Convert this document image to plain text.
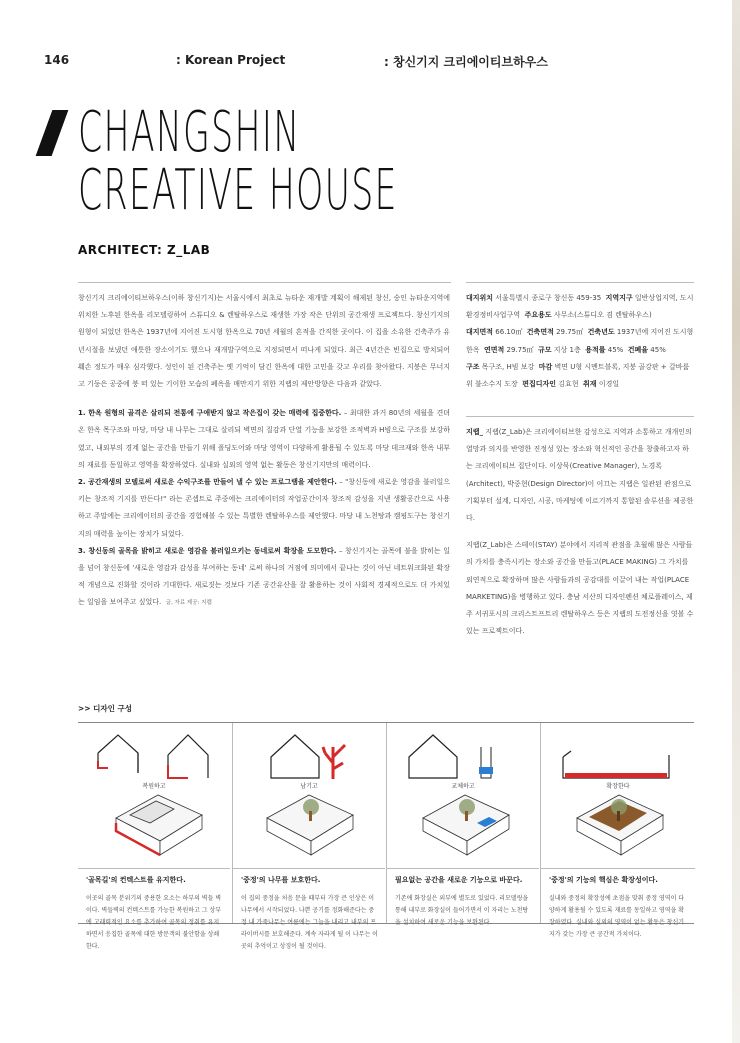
146	: Korean Project	: 창신기지 크리에이티브하우스
CHANGSHIN
CREATIVE HOUSE
ARCHITECT: Z_LAB

창신기지 크리에이티브하우스(이하 창신기지)는 서울시에서 최초로 뉴타운 재개발 계획이 해제된 창신, 숭인 뉴타운지역에 위치한 노후된 한옥을 리모델링하여 스튜디오 & 렌탈하우스로 재생한 가장 작은 단위의 공간재생 프로젝트다. 창신기지의 원형이 되었던 한옥은 1937년에 지어진 도시형 한옥으로 70년 세월의 흔적을 간직한 곳이다. 이 집을 소유한 건축주가 유년시절을 보냈던 애틋한 장소이기도 했으나 재개발구역으로 지정되면서 떠나게 되었다. 최근 4년간은 빈집으로 방치되어 훼손 정도가 매우 심각했다. 성인이 된 건축주는 옛 기억이 담긴 한옥에 대한 고민을 갖고 우리를 찾아왔다. 지붕은 무너지고 기둥은 공중에 붕 떠 있는 기이한 모습의 폐옥을 매만지기 위한 지랩의 제안방향은 다음과 같았다.

1. 한옥 원형의 골격은 살리되 전통에 구애받지 않고 작은집이 갖는 매력에 집중한다. – 최대한 과거 80년의 세월을 견뎌온 한옥 목구조와 마당, 마당 내 나무는 그대로 살리되 벽면의 질감과 단열 기능을 보강한 조적벽과 H빔으로 구조를 보강하였고, 내외부의 경계 없는 공간을 만들기 위해 폴딩도어와 마당 영역이 다양하게 활용될 수 있도록 마당 데크재와 한옥 내부의 재료를 동일하고 영역을 확장하였다. 실내와 실외의 영역 없는 활동은 창신기지만의 매력이다.
2. 공간재생의 모델로써 새로운 수익구조를 만들어 낼 수 있는 프로그램을 제안한다. – "창신동에 새로운 영감을 불러일으키는 창조적 기지를 만든다!" 라는 콘셉트로 주중에는 크리에이터의 작업공간이자 창조적 감성을 지낸 생활공간으로 사용하고 주말에는 크리에이터의 공간을 경험해볼 수 있는 특별한 렌탈하우스를 제안했다. 마당 내 노천탕과 캠핑도구는 창신기지의 매력을 높이는 장치가 되었다.
3. 창신동의 골목을 밝히고 새로운 영감을 불러일으키는 동네로써 확장을 도모한다. – 창신기지는 골목에 불을 밝히는 일을 넘어 창신동에 '새로운 영감과 감성을 부여하는 동네' 로써 하나의 거점에 의미에서 끝나는 것이 아닌 네트워크화된 확장적 개념으로 진화할 것이라 기대한다. 새로짓는 것보다 기존 공간유산을 잘 활용하는 것이 사회적 경제적으로도 더 가치있는 일임을 보여주고 싶었다. 글, 자료 제공: 지랩
대지위치 서울특별시 종로구 창신동 459-35 지역지구 일반상업지역, 도시환경정비사업구역 주요용도 사무소(스튜디오 겸 렌탈하우스)
대지면적 66.10㎡ 건축면적 29.75㎡ 건축년도 1937년에 지어진 도시형한옥 연면적 29.75㎡ 규모 지상 1층 용적률 45% 건폐율 45%
구조 목구조, H빔 보강 마감 벽면 U형 시멘트블록, 지붕 골강판 + 갈바륨 위 불소수지 도장 편집디자인 김효현 취재 이경일
지랩_ 지랩(Z_Lab)은 크리에이티브한 감성으로 지역과 소통하고 개개인의 열망과 의지를 반영한 진정성 있는 장소와 혁신적인 공간을 창출하고자 하는 크리에이티브 집단이다. 이상묵(Creative Manager), 노경록(Architect), 박중현(Design Director)이 이끄는 지랩은 일관된 관점으로 기획부터 설계, 디자인, 시공, 마케팅에 이르기까지 통합된 솔루션을 제공한다.
지랩(Z_Lab)은 스테이(STAY) 분야에서 지리적 관점을 초월해 많은 사람들의 가치를 충족시키는 장소와 공간을 만들고(PLACE MAKING) 그 가치를 외연적으로 확장하며 많은 사람들과의 공감대를 이끌어 내는 작업(PLACE MARKETING)을 병행하고 있다. 충남 서산의 디자인펜션 체로플레이스, 제주 서귀포시의 크리스트프트리 렌탈하우스 등은 지랩의 도전정신을 엿볼 수 있는 프로젝트이다.
>> 디자인 구성
복원하고
'골목길'의 컨텍스트를 유지한다.
이곳의 골목 분위기의 중용한 요소는 하부의 벽들 벽이다. 벽들벽의 컨텍스트를 가능한 복원하고 그 상부에 고래력적인 요소를 추가하여 골목의 정취를 유지하면서 응집한 골목에 대한 방문객의 불안함을 상쇄한다.
남기고
'중정'의 나무를 보호한다.
이 집의 중정을 처음 문을 때부터 가장 큰 인상은 이 나무에서 시작되었다. 나쁜 공기를 정화해준다는 중정 내 가죽나무는 여름에는 그늘을 내리고 내부의 프라이버시를 보호해준다. 계속 자라게 될 이 나무는 이곳의 추억이고 상징이 될 것이다.
교체하고
필요없는 공간을 새로운 기능으로 바꾼다.
기존에 화장실은 외부에 별도로 있었다. 리모델링을 통해 내부로 화장실이 들어가면서 이 자리는 노천탕을 설치하여 새로운 기능을 보완된다.
확장한다
'중정'의 기능의 핵심은 확장성이다.
실내와 중정의 확장성에 초점을 맞춰 중정 영역이 다양하게 활용될 수 있도록 재료를 동일하고 영역을 확장하였다. 실내와 실외의 영역이 없는 활동은 창신기지가 갖는 가장 큰 공간적 가치이다.
